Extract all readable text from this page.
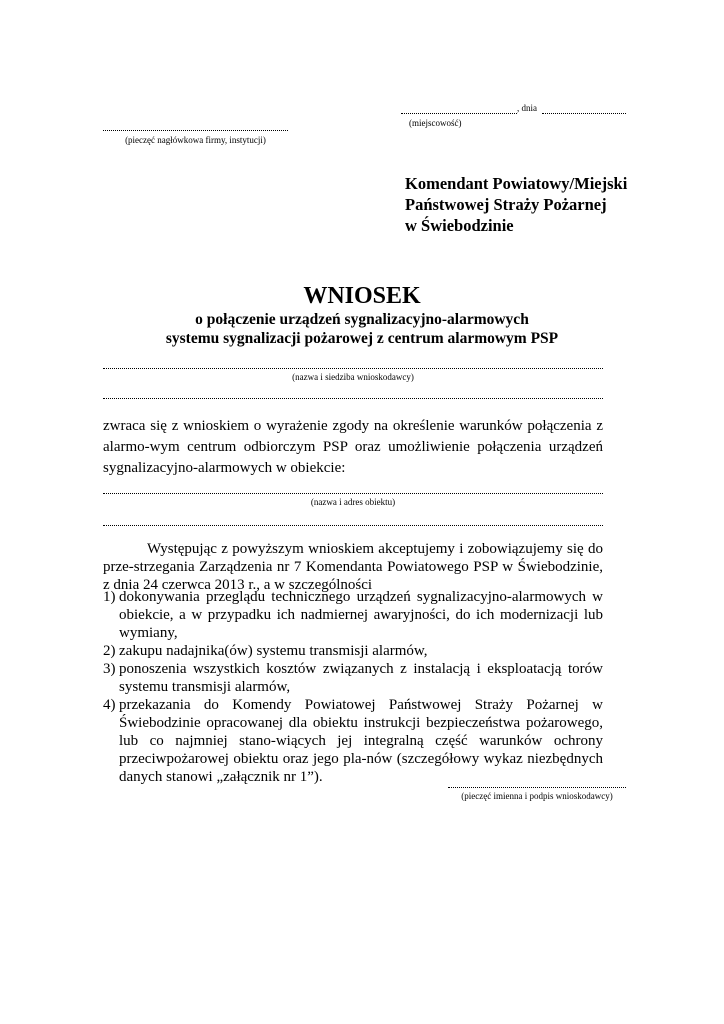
, dnia
(miejscowość)
(pieczęć nagłówkowa firmy, instytucji)
Komendant Powiatowy/Miejski
Państwowej Straży Pożarnej
w Świebodzinie
WNIOSEK
o połączenie urządzeń sygnalizacyjno-alarmowych
systemu sygnalizacji pożarowej z centrum alarmowym PSP
(nazwa i siedziba wnioskodawcy)
zwraca się z wnioskiem o wyrażenie zgody na określenie warunków połączenia z alarmo-wym centrum odbiorczym PSP oraz umożliwienie połączenia urządzeń sygnalizacyjno-alarmowych w obiekcie:
(nazwa i adres obiektu)
Występując z powyższym wnioskiem akceptujemy i zobowiązujemy się do prze-strzegania Zarządzenia nr 7 Komendanta Powiatowego PSP w Świebodzinie, z dnia 24 czerwca 2013 r., a w szczególności
1) dokonywania przeglądu technicznego urządzeń sygnalizacyjno-alarmowych w obiekcie, a w przypadku ich nadmiernej awaryjności, do ich modernizacji lub wymiany,
2) zakupu nadajnika(ów) systemu transmisji alarmów,
3) ponoszenia wszystkich kosztów związanych z instalacją i eksploatacją torów systemu transmisji alarmów,
4) przekazania do Komendy Powiatowej Państwowej Straży Pożarnej w Świebodzinie opracowanej dla obiektu instrukcji bezpieczeństwa pożarowego, lub co najmniej stano-wiących jej integralną część warunków ochrony przeciwpożarowej obiektu oraz jego pla-nów (szczegółowy wykaz niezbędnych danych stanowi „załącznik nr 1”).
(pieczęć imienna i podpis wnioskodawcy)
